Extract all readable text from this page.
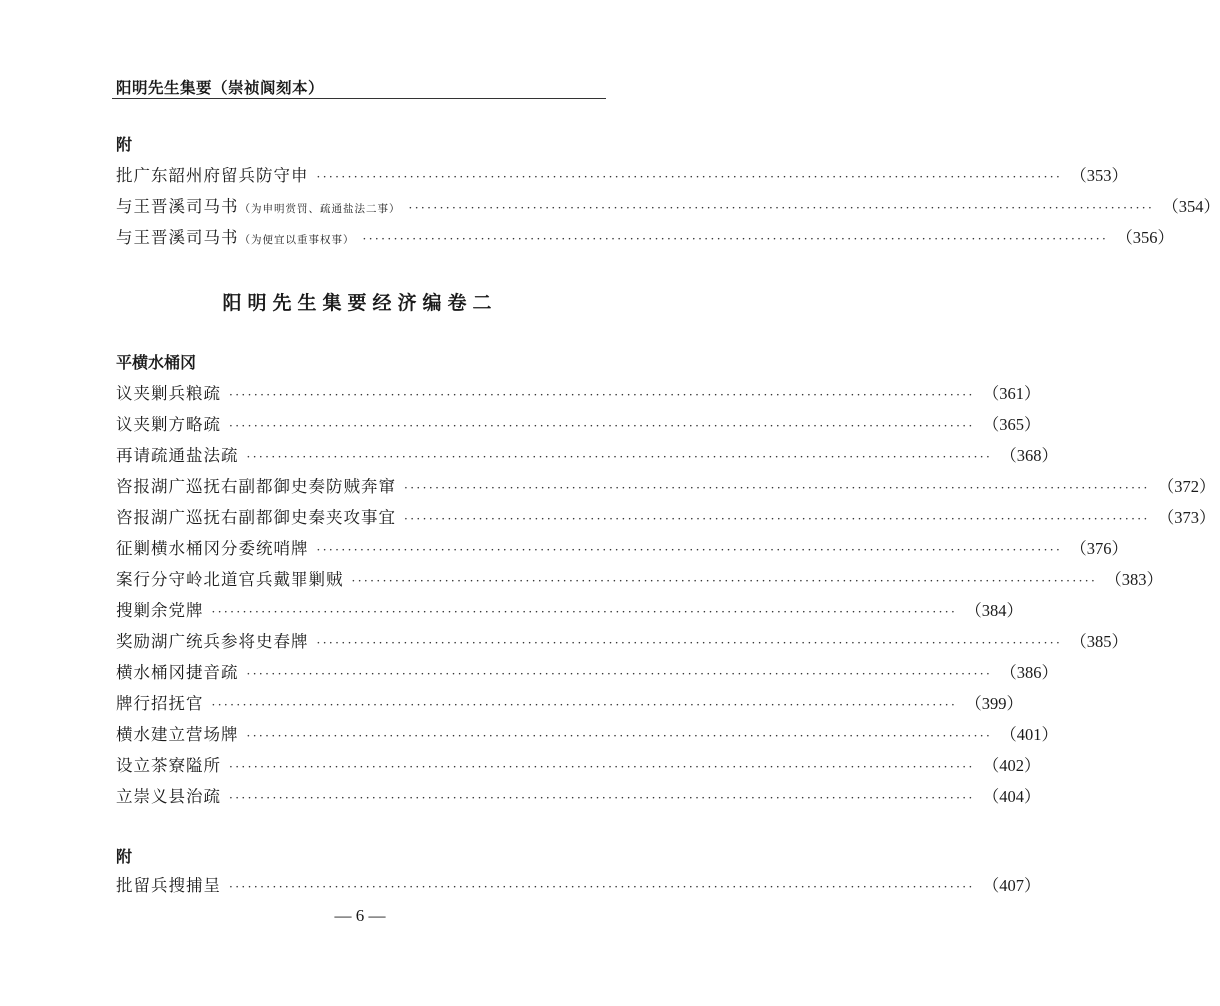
阳明先生集要（崇祯阆刻本）
附
批广东韶州府留兵防守申 ························································································································ （353）
与王晋溪司马书 （为申明赏罚、疏通盐法二事） ························································································································ （354）
与王晋溪司马书 （为便宜以重事权事） ························································································································ （356）
阳明先生集要经济编卷二
平横水桶冈
议夹剿兵粮疏 ························································································································ （361）
议夹剿方略疏 ························································································································ （365）
再请疏通盐法疏 ························································································································ （368）
咨报湖广巡抚右副都御史奏防贼奔窜 ························································································································ （372）
咨报湖广巡抚右副都御史秦夹攻事宜 ························································································································ （373）
征剿横水桶冈分委统哨牌 ························································································································ （376）
案行分守岭北道官兵戴罪剿贼 ························································································································ （383）
搜剿余党牌 ························································································································ （384）
奖励湖广统兵参将史春牌 ························································································································ （385）
横水桶冈捷音疏 ························································································································ （386）
牌行招抚官 ························································································································ （399）
横水建立营场牌 ························································································································ （401）
设立茶寮隘所 ························································································································ （402）
立崇义县治疏 ························································································································ （404）
附
批留兵搜捕呈 ························································································································ （407）
— 6 —
